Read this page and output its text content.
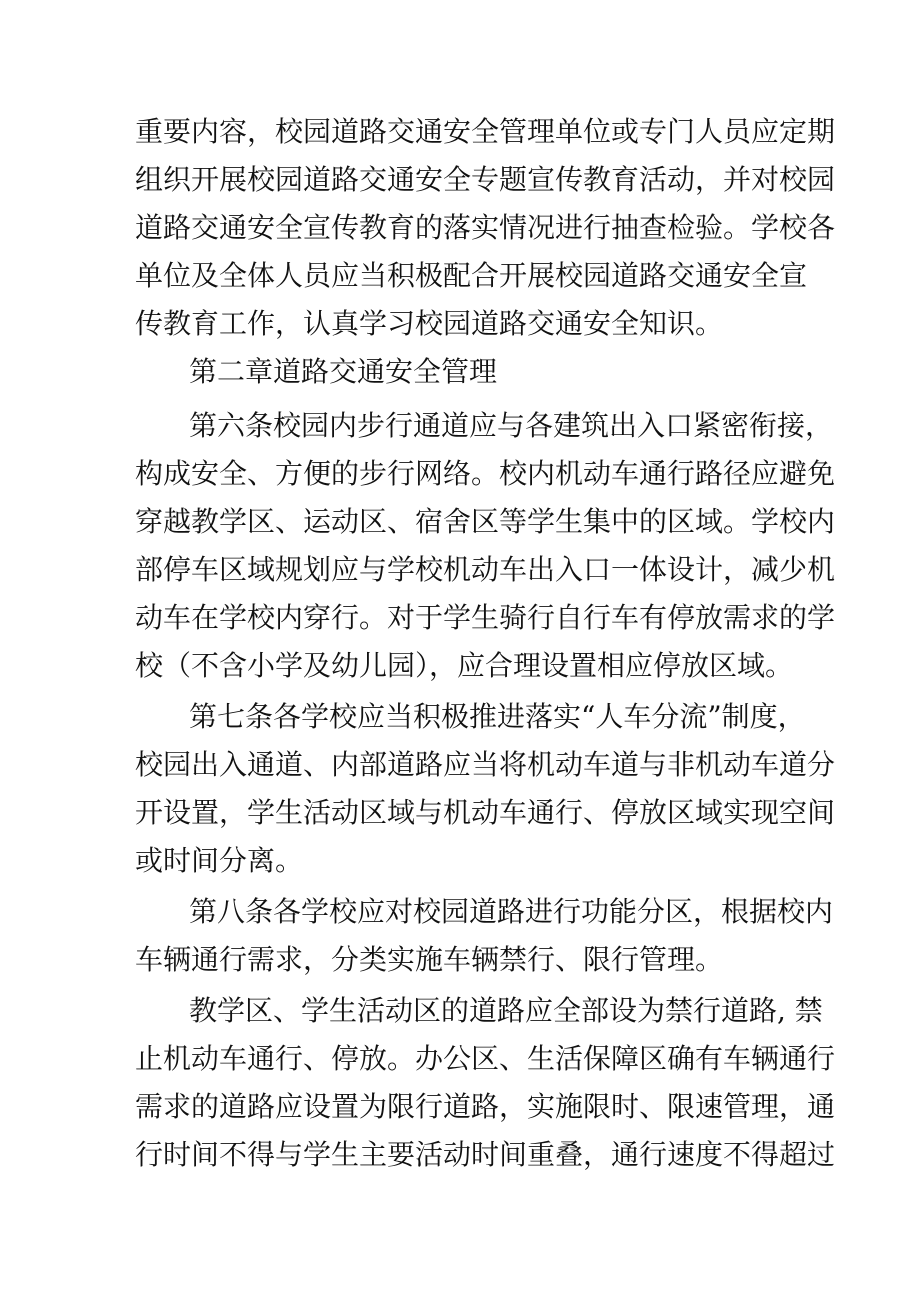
重要内容，校园道路交通安全管理单位或专门人员应定期
组织开展校园道路交通安全专题宣传教育活动，并对校园
道路交通安全宣传教育的落实情况进行抽查检验。学校各
单位及全体人员应当积极配合开展校园道路交通安全宣
传教育工作，认真学习校园道路交通安全知识。
第二章道路交通安全管理
第六条校园内步行通道应与各建筑出入口紧密衔接，
构成安全、方便的步行网络。校内机动车通行路径应避免
穿越教学区、运动区、宿舍区等学生集中的区域。学校内
部停车区域规划应与学校机动车出入口一体设计，减少机
动车在学校内穿行。对于学生骑行自行车有停放需求的学
校（不含小学及幼儿园），应合理设置相应停放区域。
第七条各学校应当积极推进落实“人车分流”制度，
校园出入通道、内部道路应当将机动车道与非机动车道分
开设置，学生活动区域与机动车通行、停放区域实现空间
或时间分离。
第八条各学校应对校园道路进行功能分区，根据校内
车辆通行需求，分类实施车辆禁行、限行管理。
教学区、学生活动区的道路应全部设为禁行道路, 禁
止机动车通行、停放。办公区、生活保障区确有车辆通行
需求的道路应设置为限行道路，实施限时、限速管理，通
行时间不得与学生主要活动时间重叠，通行速度不得超过
